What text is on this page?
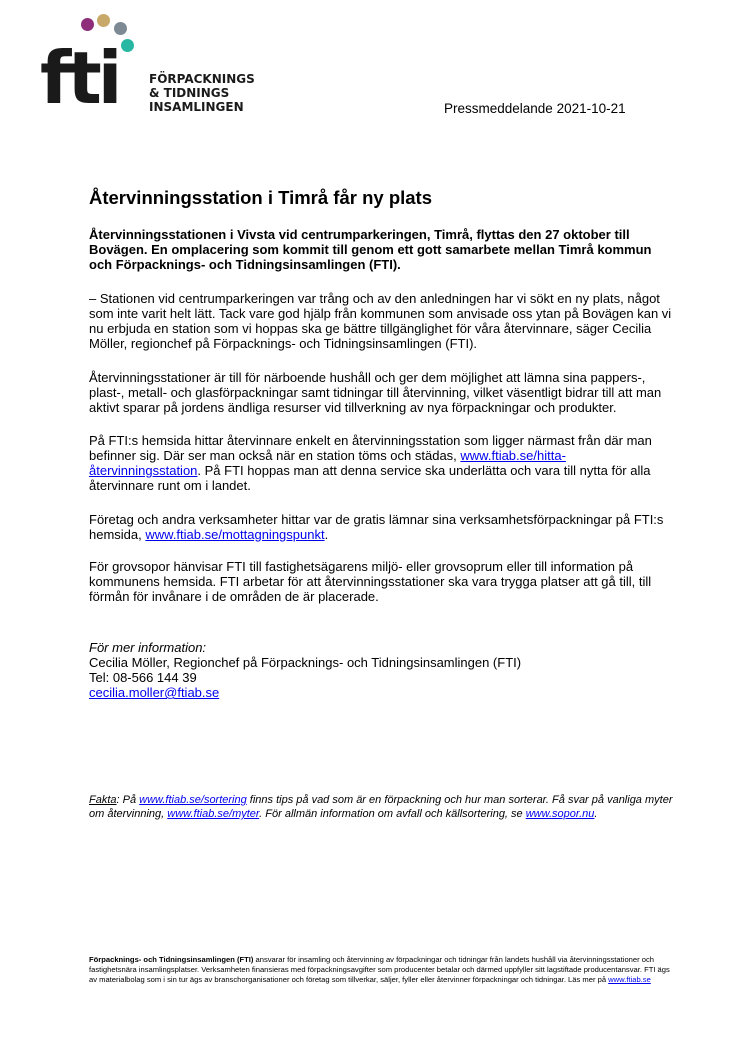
fti	FÖRPACKNINGS
& TIDNINGS
INSAMLINGEN	Pressmeddelande 2021-10-21
Återvinningsstation i Timrå får ny plats

Återvinningsstationen i Vivsta vid centrumparkeringen, Timrå, flyttas den 27 oktober till Bovägen. En omplacering som kommit till genom ett gott samarbete mellan Timrå kommun och Förpacknings- och Tidningsinsamlingen (FTI).

– Stationen vid centrumparkeringen var trång och av den anledningen har vi sökt en ny plats, något som inte varit helt lätt. Tack vare god hjälp från kommunen som anvisade oss ytan på Bovägen kan vi nu erbjuda en station som vi hoppas ska ge bättre tillgänglighet för våra återvinnare, säger Cecilia Möller, regionchef på Förpacknings- och Tidningsinsamlingen (FTI).

Återvinningsstationer är till för närboende hushåll och ger dem möjlighet att lämna sina pappers-, plast-, metall- och glasförpackningar samt tidningar till återvinning, vilket väsentligt bidrar till att man aktivt sparar på jordens ändliga resurser vid tillverkning av nya förpackningar och produkter.

På FTI:s hemsida hittar återvinnare enkelt en återvinningsstation som ligger närmast från där man befinner sig. Där ser man också när en station töms och städas, www.ftiab.se/hitta-återvinningsstation. På FTI hoppas man att denna service ska underlätta och vara till nytta för alla återvinnare runt om i landet.

Företag och andra verksamheter hittar var de gratis lämnar sina verksamhetsförpackningar på FTI:s hemsida, www.ftiab.se/mottagningspunkt.

För grovsopor hänvisar FTI till fastighetsägarens miljö- eller grovsoprum eller till information på kommunens hemsida. FTI arbetar för att återvinningsstationer ska vara trygga platser att gå till, till förmån för invånare i de områden de är placerade.

För mer information:
Cecilia Möller, Regionchef på Förpacknings- och Tidningsinsamlingen (FTI)
Tel: 08-566 144 39
cecilia.moller@ftiab.se

Fakta: På www.ftiab.se/sortering finns tips på vad som är en förpackning och hur man sorterar. Få svar på vanliga myter om återvinning, www.ftiab.se/myter. För allmän information om avfall och källsortering, se www.sopor.nu.

Förpacknings- och Tidningsinsamlingen (FTI) ansvarar för insamling och återvinning av förpackningar och tidningar från landets hushåll via återvinningsstationer och fastighetsnära insamlingsplatser. Verksamheten finansieras med förpackningsavgifter som producenter betalar och därmed uppfyller sitt lagstiftade producentansvar. FTI ägs av materialbolag som i sin tur ägs av branschorganisationer och företag som tillverkar, säljer, fyller eller återvinner förpackningar och tidningar. Läs mer på www.ftiab.se
